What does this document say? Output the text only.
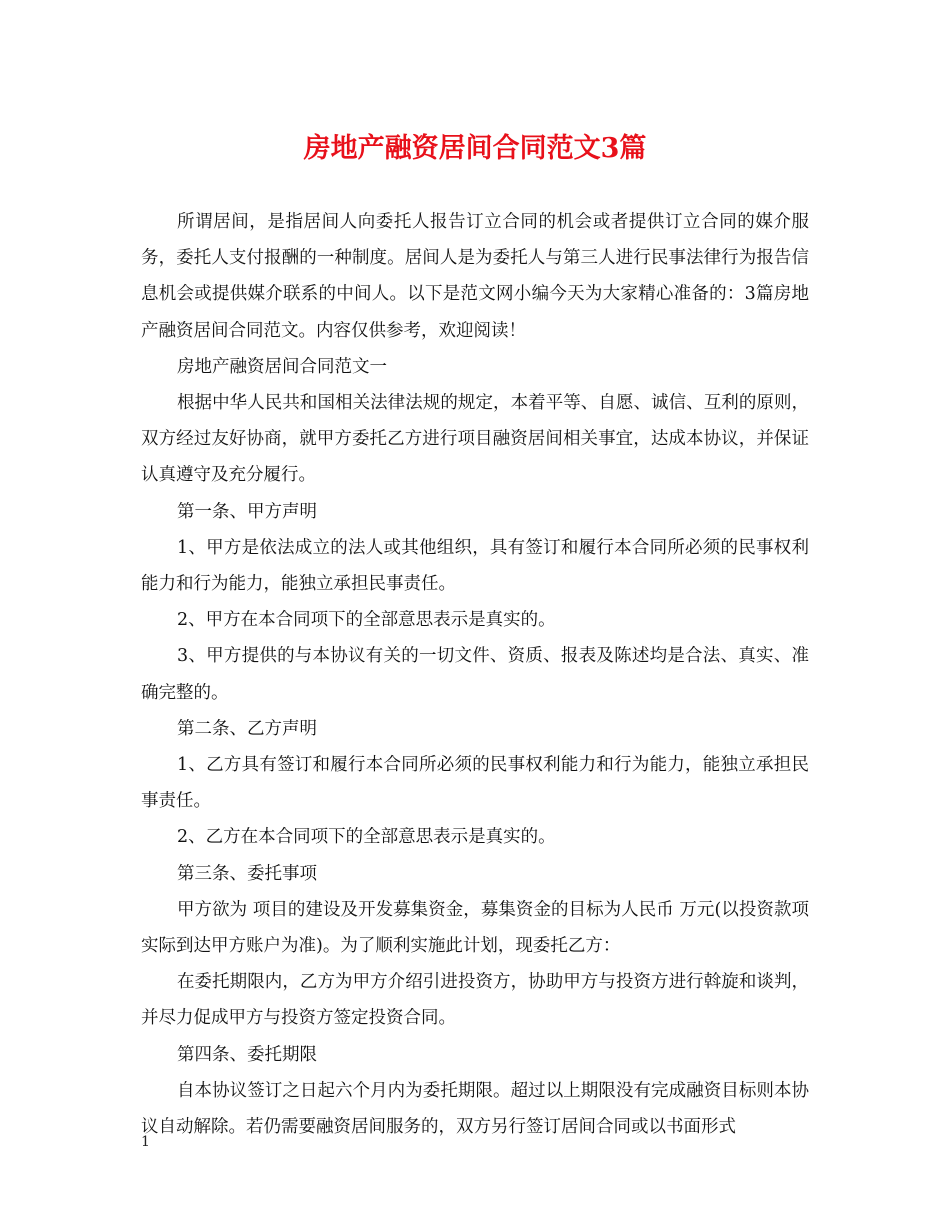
房地产融资居间合同范文3篇

所谓居间，是指居间人向委托人报告订立合同的机会或者提供订立合同的媒介服务，委托人支付报酬的一种制度。居间人是为委托人与第三人进行民事法律行为报告信息机会或提供媒介联系的中间人。以下是范文网小编今天为大家精心准备的：3篇房地产融资居间合同范文。内容仅供参考，欢迎阅读！

房地产融资居间合同范文一

根据中华人民共和国相关法律法规的规定，本着平等、自愿、诚信、互利的原则，双方经过友好协商，就甲方委托乙方进行项目融资居间相关事宜，达成本协议，并保证认真遵守及充分履行。

第一条、甲方声明

1、甲方是依法成立的法人或其他组织，具有签订和履行本合同所必须的民事权利能力和行为能力，能独立承担民事责任。

2、甲方在本合同项下的全部意思表示是真实的。

3、甲方提供的与本协议有关的一切文件、资质、报表及陈述均是合法、真实、准确完整的。

第二条、乙方声明

1、乙方具有签订和履行本合同所必须的民事权利能力和行为能力，能独立承担民事责任。

2、乙方在本合同项下的全部意思表示是真实的。

第三条、委托事项

甲方欲为 项目的建设及开发募集资金，募集资金的目标为人民币 万元(以投资款项实际到达甲方账户为准)。为了顺利实施此计划，现委托乙方：

在委托期限内，乙方为甲方介绍引进投资方，协助甲方与投资方进行斡旋和谈判，并尽力促成甲方与投资方签定投资合同。

第四条、委托期限

自本协议签订之日起六个月内为委托期限。超过以上期限没有完成融资目标则本协议自动解除。若仍需要融资居间服务的，双方另行签订居间合同或以书面形式

1
